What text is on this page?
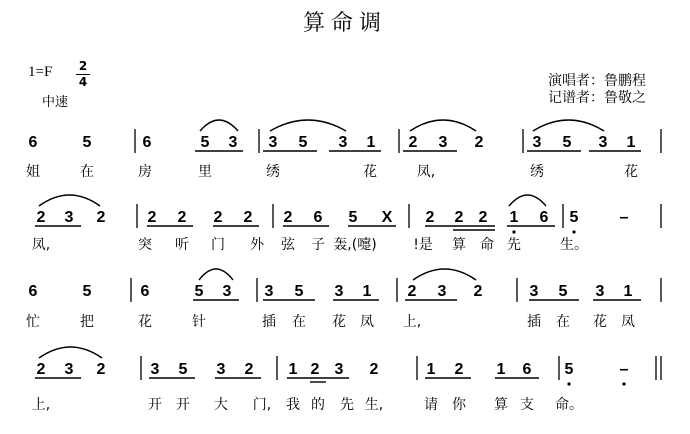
算命调
1=F 2
4
中速
演唱者：鲁鹏程
记谱者：鲁敬之
6	5	6	5 3 3 5 3 1 2 3 2	3 5 3 1
2 3 2	2 2 2 2 2 6 5 X 2 2 2 1 6 5	–
6	5	6	5 3 3 5 3 1 2 3 2	3 5 3 1
2 3 2	3 5 3 2 1 2 3 2	1 2 1 6 5	–
姐	在	房	里	绣	花	凤,	绣	花
凤,	突 听 门 外 弦 子 轰,(嚏)	!是 算 命 先	生。
忙	把	花	针	插 在 花 凤 上,	插 在 花 凤
上,	开 开 大 门, 我 的 先 生,	请 你 算 支 命。
